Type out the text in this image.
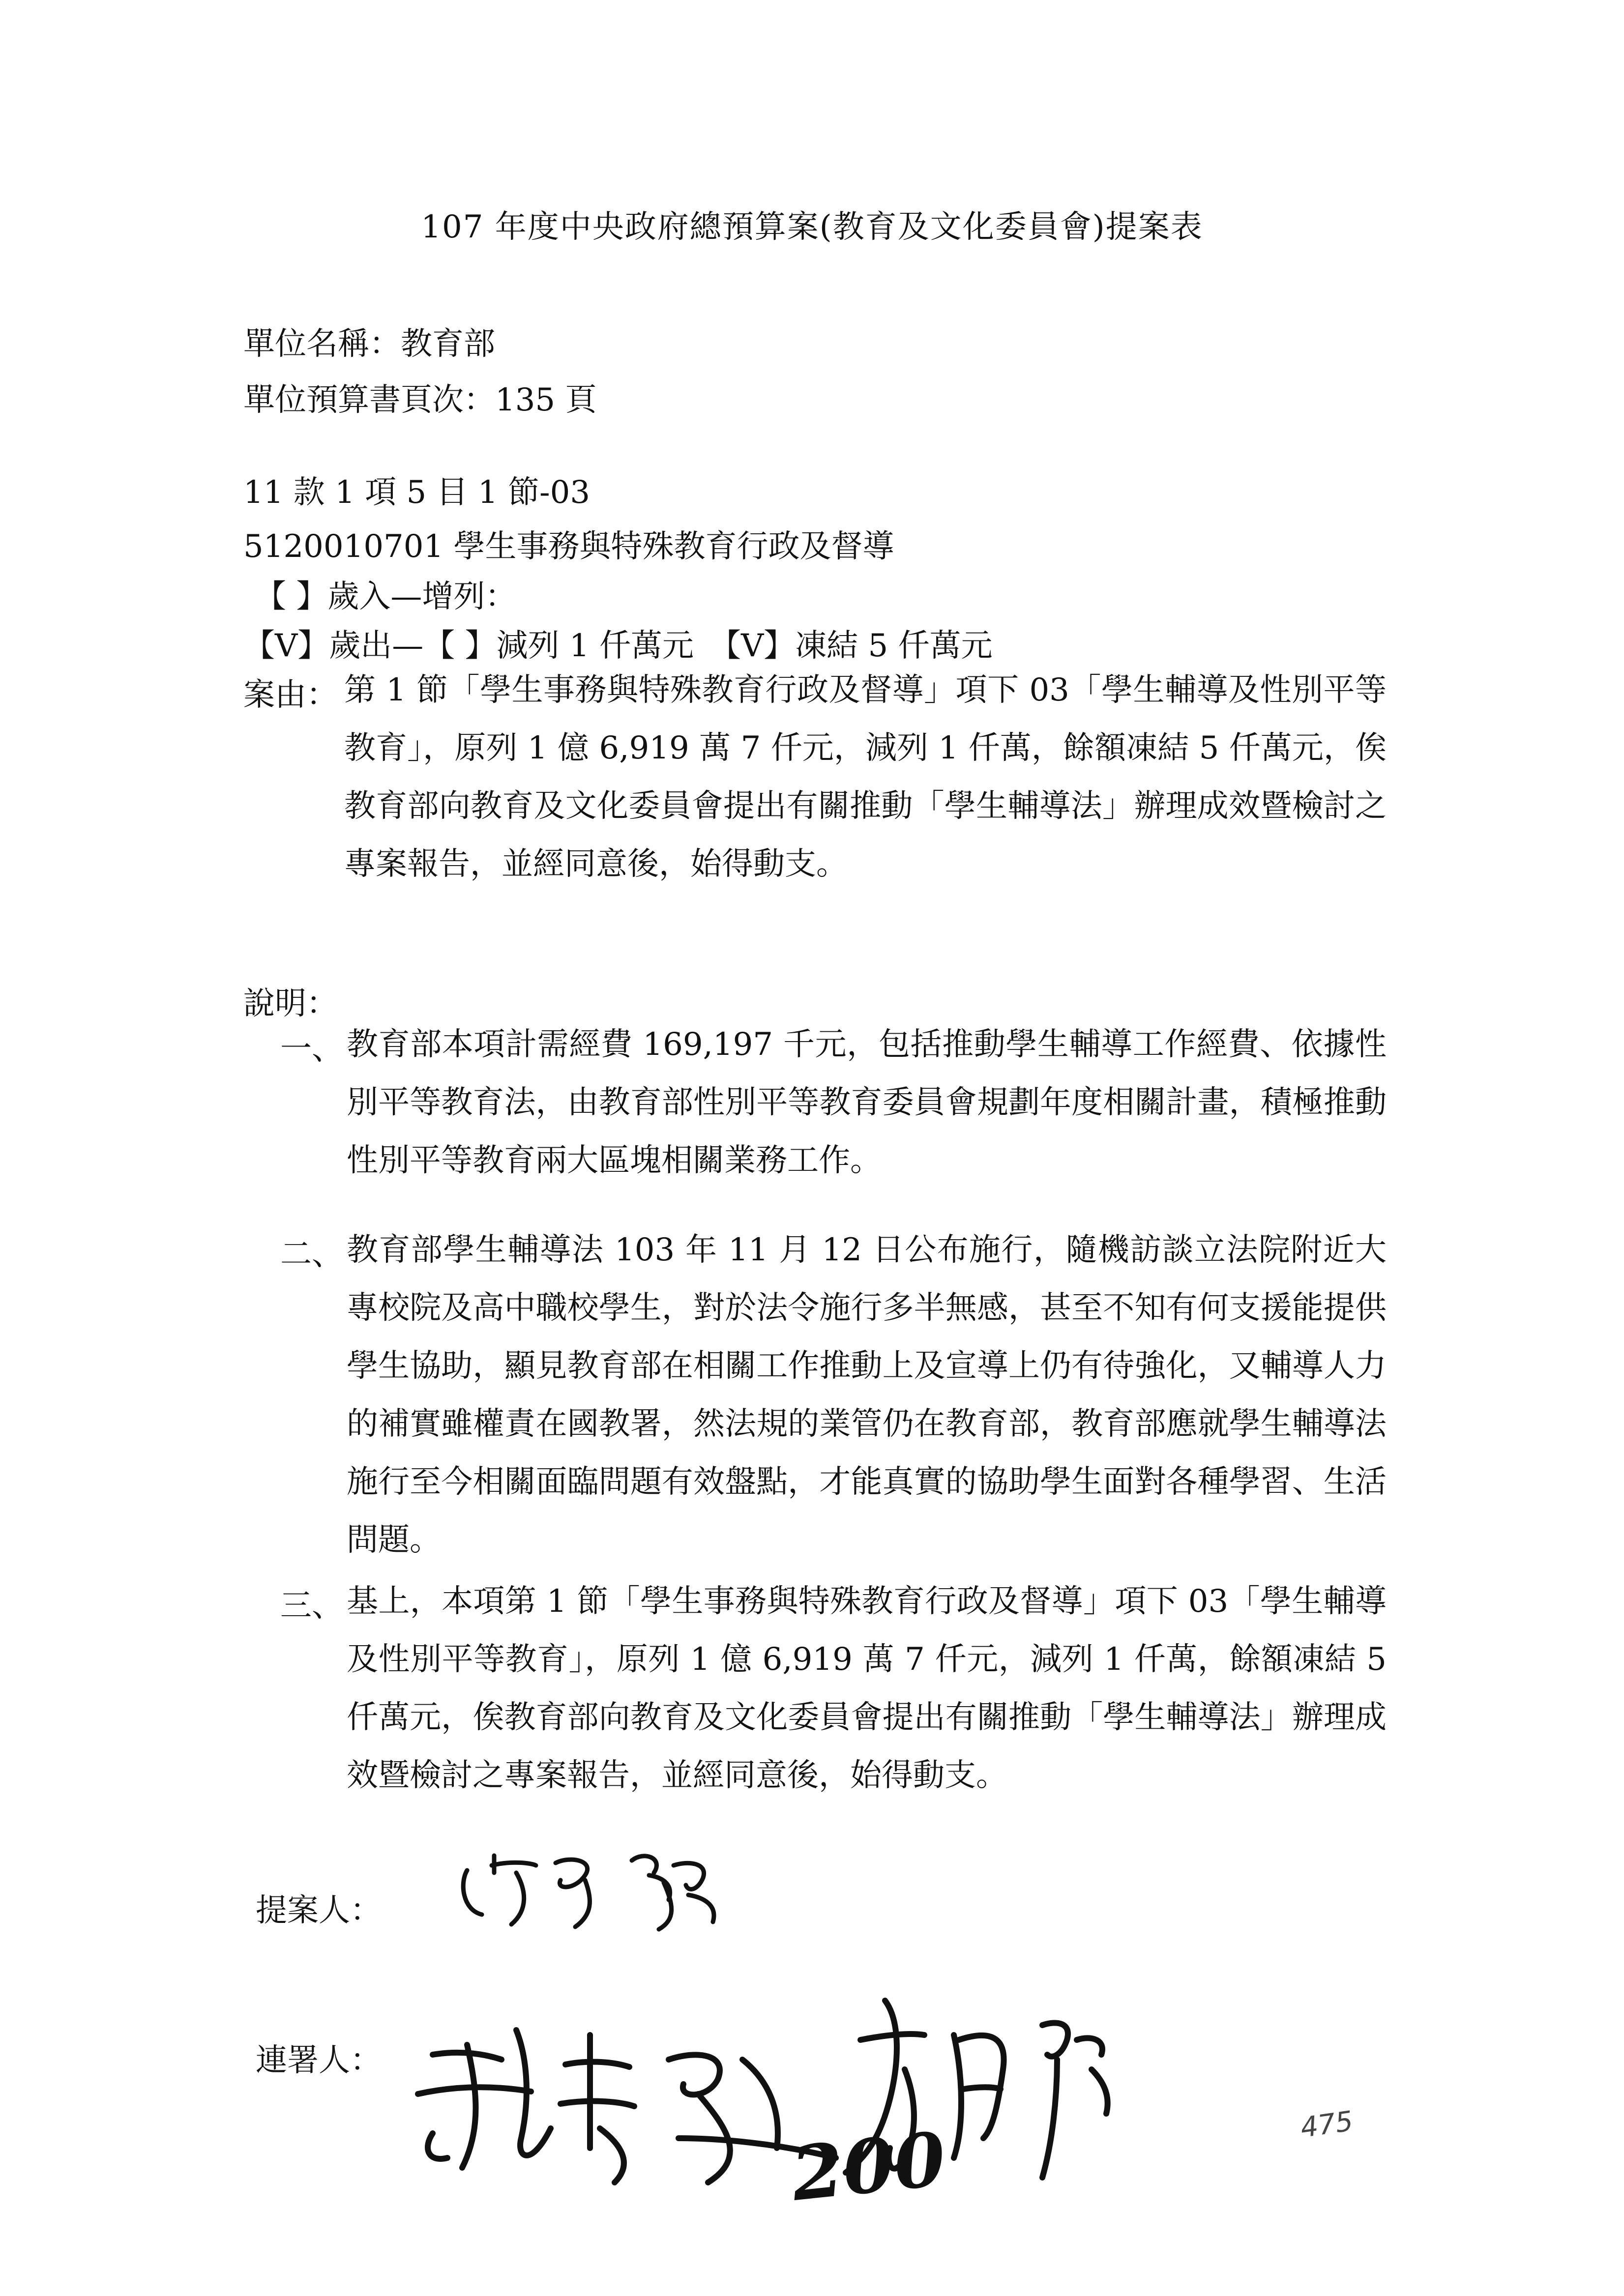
107 年度中央政府總預算案(教育及文化委員會)提案表
單位名稱：教育部
單位預算書頁次：135 頁
11 款 1 項 5 目 1 節-03
5120010701 學生事務與特殊教育行政及督導
【 】歲入—增列：
【V】歲出—【 】減列 1 仟萬元　【V】凍結 5 仟萬元
案由： 第 1 節「學生事務與特殊教育行政及督導」項下 03「學生輔導及性別平等教育」，原列 1 億 6,919 萬 7 仟元，減列 1 仟萬，餘額凍結 5 仟萬元，俟教育部向教育及文化委員會提出有關推動「學生輔導法」辦理成效暨檢討之專案報告，並經同意後，始得動支。
說明：
一、 教育部本項計需經費 169,197 千元，包括推動學生輔導工作經費、依據性別平等教育法，由教育部性別平等教育委員會規劃年度相關計畫，積極推動性別平等教育兩大區塊相關業務工作。
二、 教育部學生輔導法 103 年 11 月 12 日公布施行，隨機訪談立法院附近大專校院及高中職校學生，對於法令施行多半無感，甚至不知有何支援能提供學生協助，顯見教育部在相關工作推動上及宣導上仍有待強化，又輔導人力的補實雖權責在國教署，然法規的業管仍在教育部，教育部應就學生輔導法施行至今相關面臨問題有效盤點，才能真實的協助學生面對各種學習、生活問題。
三、 基上，本項第 1 節「學生事務與特殊教育行政及督導」項下 03「學生輔導及性別平等教育」，原列 1 億 6,919 萬 7 仟元，減列 1 仟萬，餘額凍結 5 仟萬元，俟教育部向教育及文化委員會提出有關推動「學生輔導法」辦理成效暨檢討之專案報告，並經同意後，始得動支。
提案人：
連署人：
200	475
